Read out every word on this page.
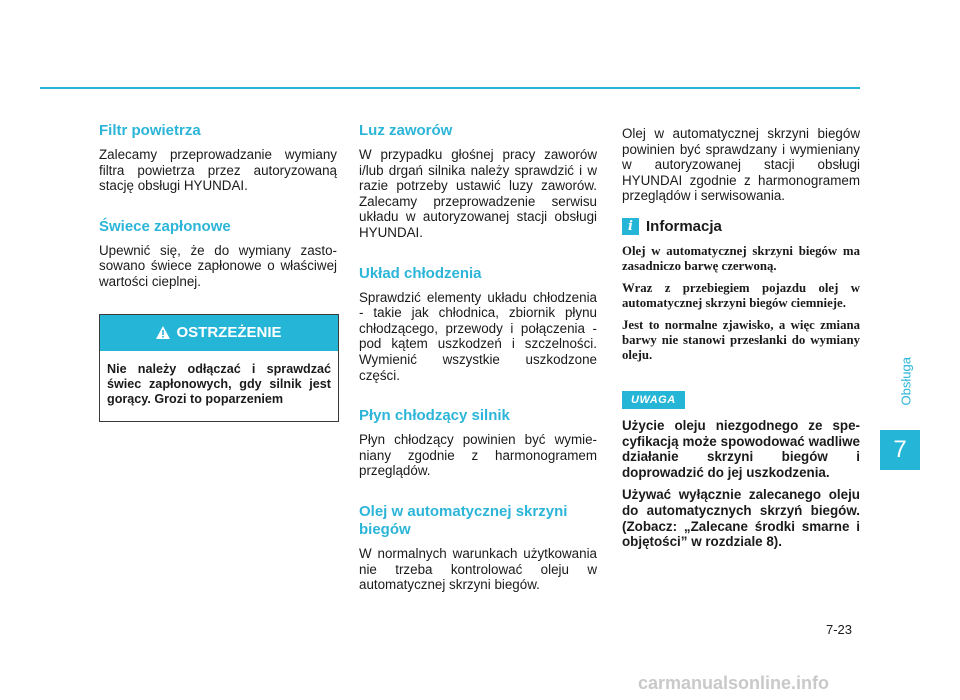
Filtr powietrza

Zalecamy przeprowadzanie wymiany filtra powietrza przez autoryzowaną stację obsługi HYUNDAI.

Świece zapłonowe

Upewnić się, że do wymiany zastosowano świece zapłonowe o właściwej wartości cieplnej.

OSTRZEŻENIE
Nie należy odłączać i sprawdzać świec zapłonowych, gdy silnik jest gorący. Grozi to poparzeniem
Luz zaworów

W przypadku głośnej pracy zaworów i/lub drgań silnika należy sprawdzić i w razie potrzeby ustawić luzy zaworów. Zalecamy przeprowadzenie serwisu układu w autoryzowanej stacji obsługi HYUNDAI.

Układ chłodzenia

Sprawdzić elementy układu chłodzenia - takie jak chłodnica, zbiornik płynu chłodzącego, przewody i połączenia - pod kątem uszkodzeń i szczelności. Wymienić wszystkie uszkodzone części.

Płyn chłodzący silnik

Płyn chłodzący powinien być wymieniany zgodnie z harmonogramem przeglądów.

Olej w automatycznej skrzyni biegów

W normalnych warunkach użytkowania nie trzeba kontrolować oleju w automatycznej skrzyni biegów.

Olej w automatycznej skrzyni biegów powinien być sprawdzany i wymieniany w autoryzowanej stacji obsługi HYUNDAI zgodnie z harmonogramem przeglądów i serwisowania.

i Informacja

Olej w automatycznej skrzyni biegów ma zasadniczo barwę czerwoną.

Wraz z przebiegiem pojazdu olej w automatycznej skrzyni biegów ciemnieje.

Jest to normalne zjawisko, a więc zmiana barwy nie stanowi przesłanki do wymiany oleju.

UWAGA

Użycie oleju niezgodnego ze specyfikacją może spowodować wadliwe działanie skrzyni biegów i doprowadzić do jej uszkodzenia.

Używać wyłącznie zalecanego oleju do automatycznych skrzyń biegów. (Zobacz: „Zalecane środki smarne i objętości” w rozdziale 8).

Obsługa
7
7-23
carmanualsonline.info
